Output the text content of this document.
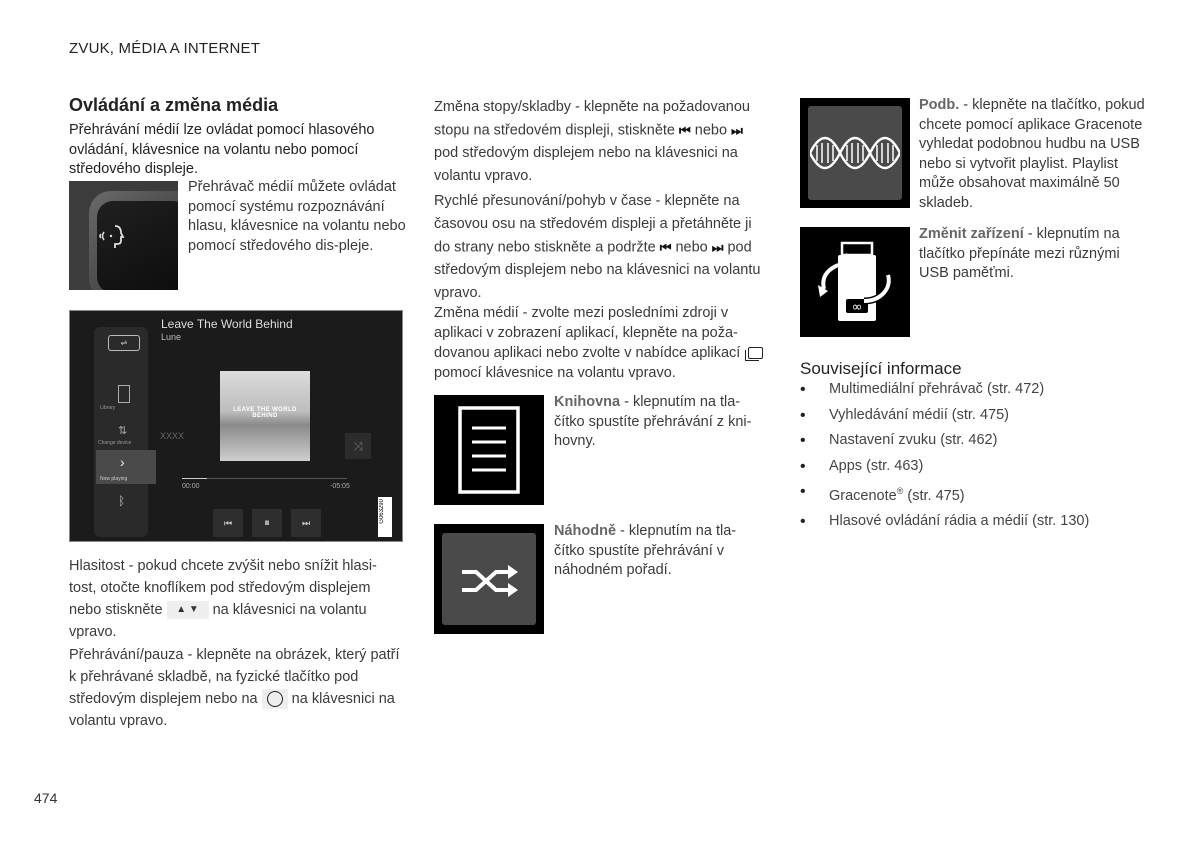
ZVUK, MÉDIA A INTERNET
Ovládání a změna média

Přehrávání médií lze ovládat pomocí hlasového ovládání, klávesnice na volantu nebo pomocí středového displeje.

Přehrávač médií můžete ovládat pomocí systému rozpoznávání hlasu, klávesnice na volantu nebo pomocí středového dis-pleje.

⇌
Leave The World Behind
Lune
Library
⇅
Change device
›
Now playing
ᛒ
XXXX
LEAVE THE WORLD BEHIND
⤨
00:00	-05:05
⏮	⏸	⏭	G063290
Hlasitost - pokud chcete zvýšit nebo snížit hlasi-tost, otočte knoflíkem pod středovým displejem nebo stiskněte ▲ ▼ na klávesnici na volantu vpravo.
Přehrávání/pauza - klepněte na obrázek, který patří k přehrávané skladbě, na fyzické tlačítko pod středovým displejem nebo na na klávesnici na volantu vpravo.
Změna stopy/skladby - klepněte na požadovanou stopu na středovém displeji, stiskněte ⏮ nebo ⏭ pod středovým displejem nebo na klávesnici na volantu vpravo.
Rychlé přesunování/pohyb v čase - klepněte na časovou osu na středovém displeji a přetáhněte ji do strany nebo stiskněte a podržte ⏮ nebo ⏭ pod středovým displejem nebo na klávesnici na volantu vpravo.
Změna médií - zvolte mezi posledními zdroji v aplikaci v zobrazení aplikací, klepněte na poža-dovanou aplikaci nebo zvolte v nabídce aplikací
pomocí klávesnice na volantu vpravo.

Knihovna - klepnutím na tla-čítko spustíte přehrávání z kni-hovny.

Náhodně - klepnutím na tla-čítko spustíte přehrávání v náhodném pořadí.

Podb. - klepněte na tlačítko, pokud chcete pomocí aplikace Gracenote vyhledat podobnou hudbu na USB nebo si vytvořit playlist. Playlist může obsahovat maximálně 50 skladeb.

∞

Změnit zařízení - klepnutím na tlačítko přepínáte mezi různými USB paměťmi.

Související informace
• Multimediální přehrávač (str. 472)
• Vyhledávání médií (str. 475)
• Nastavení zvuku (str. 462)
• Apps (str. 463)
• Gracenote® (str. 475)
• Hlasové ovládání rádia a médií (str. 130)
474
